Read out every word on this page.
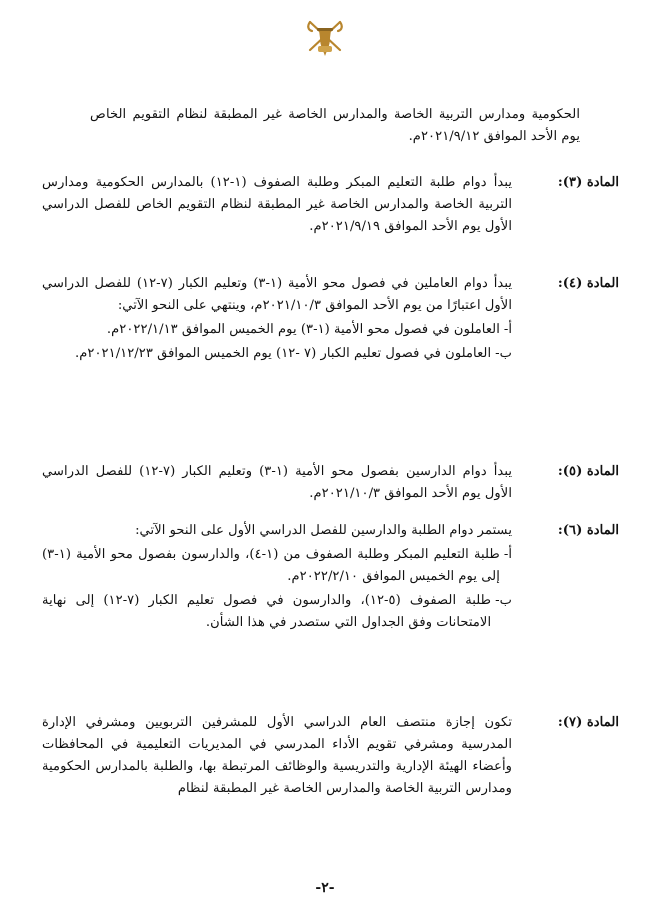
الحكومية ومدارس التربية الخاصة والمدارس الخاصة غير المطبقة لنظام التقويم الخاص يوم الأحد الموافق ٢٠٢١/٩/١٢م.
المادة (٣):

يبدأ دوام طلبة التعليم المبكر وطلبة الصفوف (١-١٢) بالمدارس الحكومية ومدارس التربية الخاصة والمدارس الخاصة غير المطبقة لنظام التقويم الخاص للفصل الدراسي الأول يوم الأحد الموافق ٢٠٢١/٩/١٩م.

المادة (٤):

يبدأ دوام العاملين في فصول محو الأمية (١-٣) وتعليم الكبار (٧-١٢) للفصل الدراسي الأول اعتبارًا من يوم الأحد الموافق ٢٠٢١/١٠/٣م، وينتهي على النحو الآتي:

أ-
العاملون في فصول محو الأمية (١-٣) يوم الخميس الموافق ٢٠٢٢/١/١٣م.
ب-
العاملون في فصول تعليم الكبار (٧ -١٢) يوم الخميس الموافق ٢٠٢١/١٢/٢٣م.
المادة (٥):

يبدأ دوام الدارسين بفصول محو الأمية (١-٣) وتعليم الكبار (٧-١٢) للفصل الدراسي الأول يوم الأحد الموافق ٢٠٢١/١٠/٣م.

المادة (٦):

يستمر دوام الطلبة والدارسين للفصل الدراسي الأول على النحو الآتي:

أ-
طلبة التعليم المبكر وطلبة الصفوف من (١-٤)، والدارسون بفصول محو الأمية (١-٣) إلى يوم الخميس الموافق ٢٠٢٢/٢/١٠م.
ب-
طلبة الصفوف (٥-١٢)، والدارسون في فصول تعليم الكبار (٧-١٢) إلى نهاية الامتحانات وفق الجداول التي ستصدر في هذا الشأن.
المادة (٧):

تكون إجازة منتصف العام الدراسي الأول للمشرفين التربويين ومشرفي الإدارة المدرسية ومشرفي تقويم الأداء المدرسي في المديريات التعليمية في المحافظات وأعضاء الهيئة الإدارية والتدريسية والوظائف المرتبطة بها، والطلبة بالمدارس الحكومية ومدارس التربية الخاصة والمدارس الخاصة غير المطبقة لنظام

-٢-
